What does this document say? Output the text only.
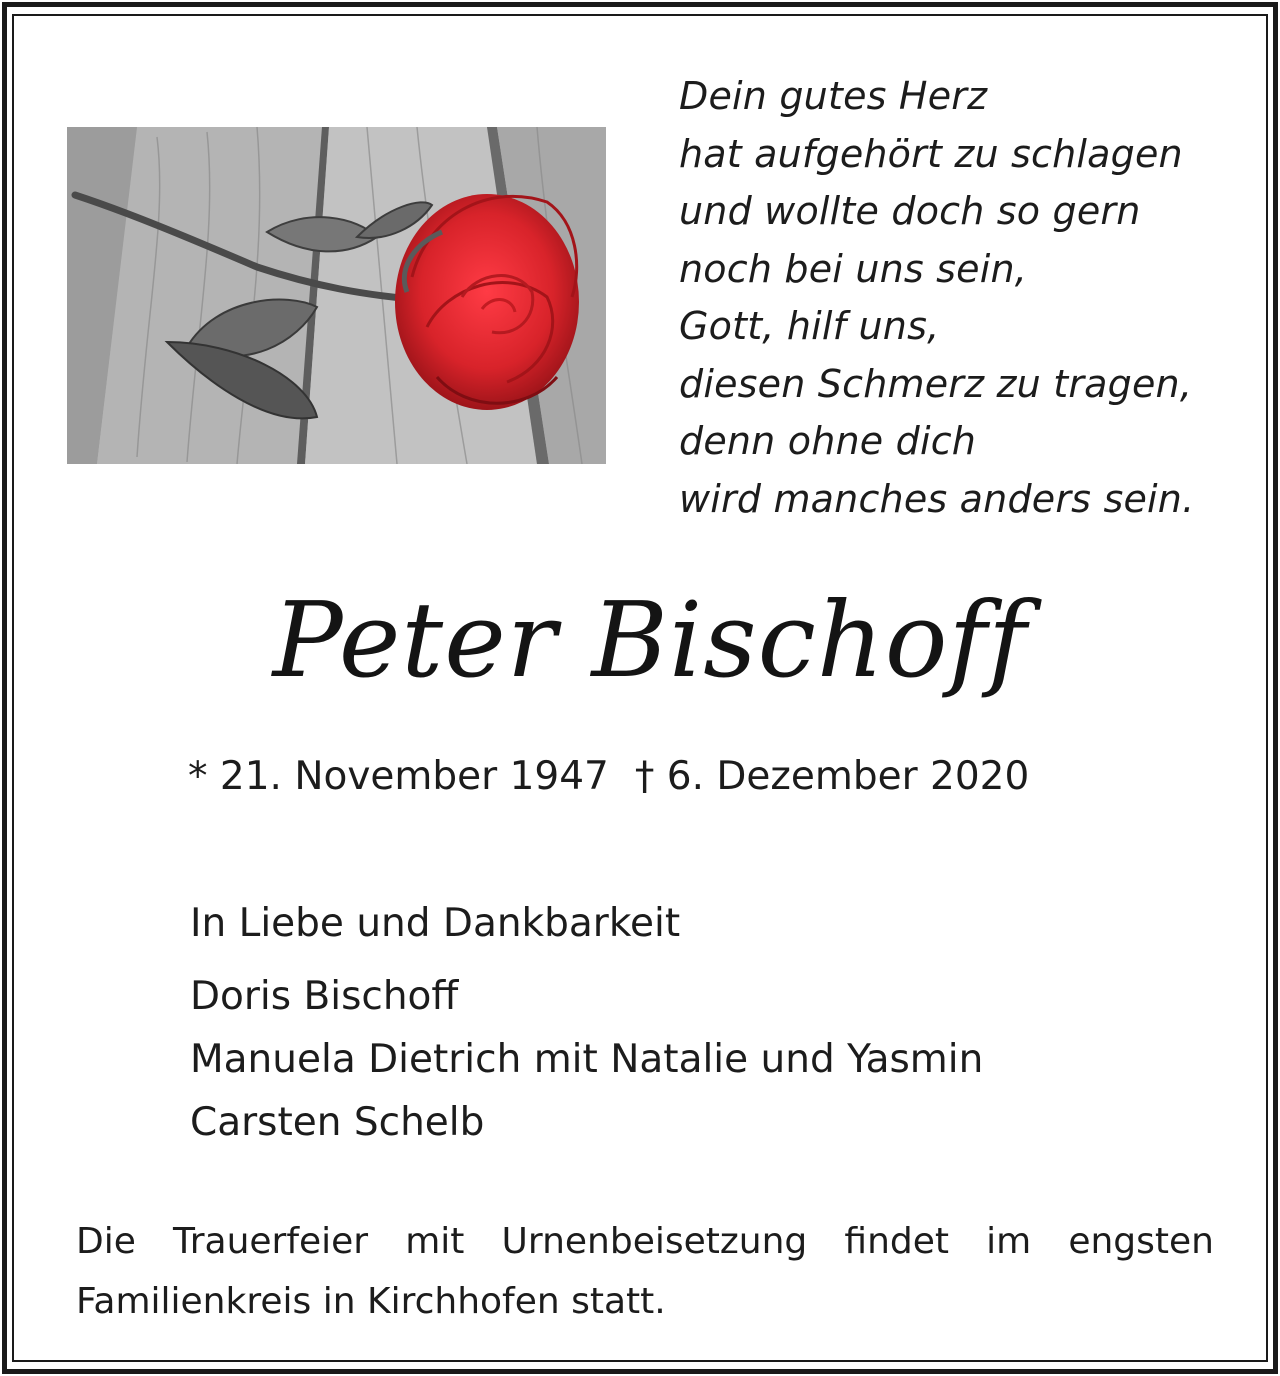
Dein gutes Herz
hat aufgehört zu schlagen
und wollte doch so gern
noch bei uns sein,
Gott, hilf uns,
diesen Schmerz zu tragen,
denn ohne dich
wird manches anders sein.
Peter Bischoff
* 21. November 1947 † 6. Dezember 2020
In Liebe und Dankbarkeit
Doris Bischoff
Manuela Dietrich mit Natalie und Yasmin
Carsten Schelb
Die Trauerfeier mit Urnenbeisetzung findet im engsten Familienkreis in Kirchhofen statt.
